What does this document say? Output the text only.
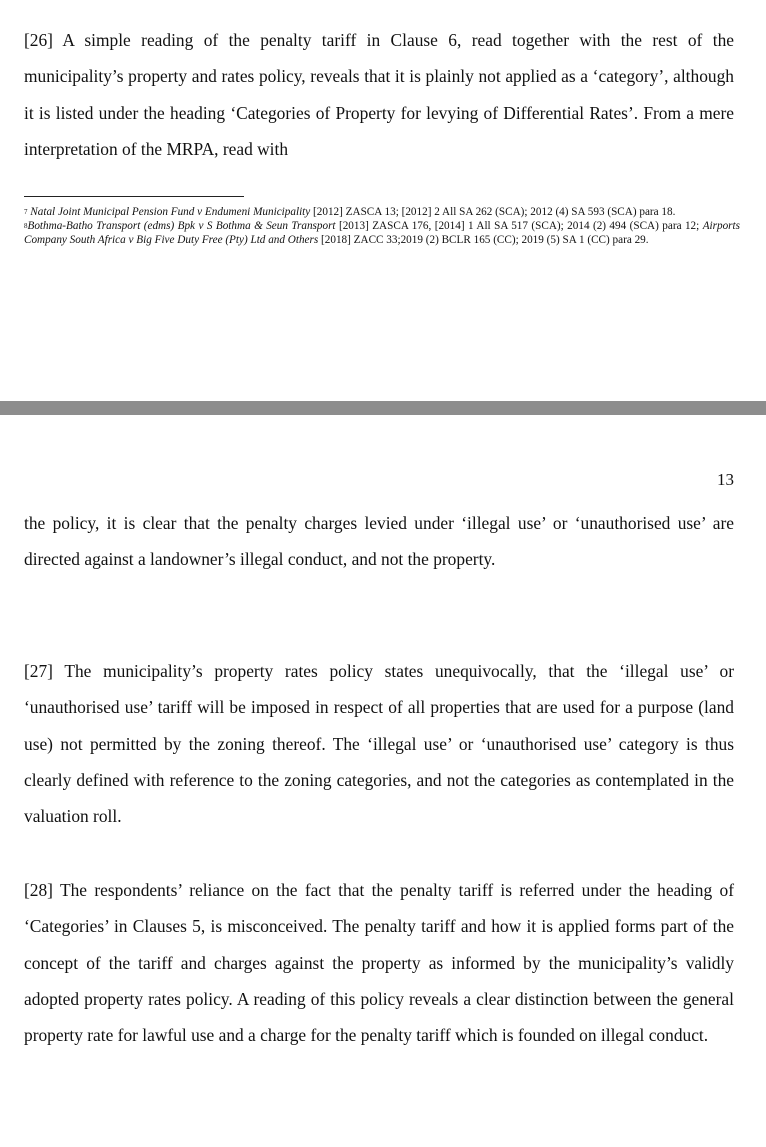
[26] A simple reading of the penalty tariff in Clause 6, read together with the rest of the municipality’s property and rates policy, reveals that it is plainly not applied as a ‘category’, although it is listed under the heading ‘Categories of Property for levying of Differential Rates’. From a mere interpretation of the MRPA, read with

$^7$ Natal Joint Municipal Pension Fund v Endumeni Municipality [2012] ZASCA 13; [2012] 2 All SA 262 (SCA); 2012 (4) SA 593 (SCA) para 18.

$^8$Bothma-Batho Transport (edms) Bpk v S Bothma & Seun Transport [2013] ZASCA 176, [2014] 1 All SA 517 (SCA); 2014 (2) 494 (SCA) para 12; Airports Company South Africa v Big Five Duty Free (Pty) Ltd and Others [2018] ZACC 33;2019 (2) BCLR 165 (CC); 2019 (5) SA 1 (CC) para 29.

13

the policy, it is clear that the penalty charges levied under ‘illegal use’ or ‘unauthorised use’ are directed against a landowner’s illegal conduct, and not the property.

[27] The municipality’s property rates policy states unequivocally, that the ‘illegal use’ or ‘unauthorised use’ tariff will be imposed in respect of all properties that are used for a purpose (land use) not permitted by the zoning thereof. The ‘illegal use’ or ‘unauthorised use’ category is thus clearly defined with reference to the zoning categories, and not the categories as contemplated in the valuation roll.

[28] The respondents’ reliance on the fact that the penalty tariff is referred under the heading of ‘Categories’ in Clauses 5, is misconceived. The penalty tariff and how it is applied forms part of the concept of the tariff and charges against the property as informed by the municipality’s validly adopted property rates policy. A reading of this policy reveals a clear distinction between the general property rate for lawful use and a charge for the penalty tariff which is founded on illegal conduct.
